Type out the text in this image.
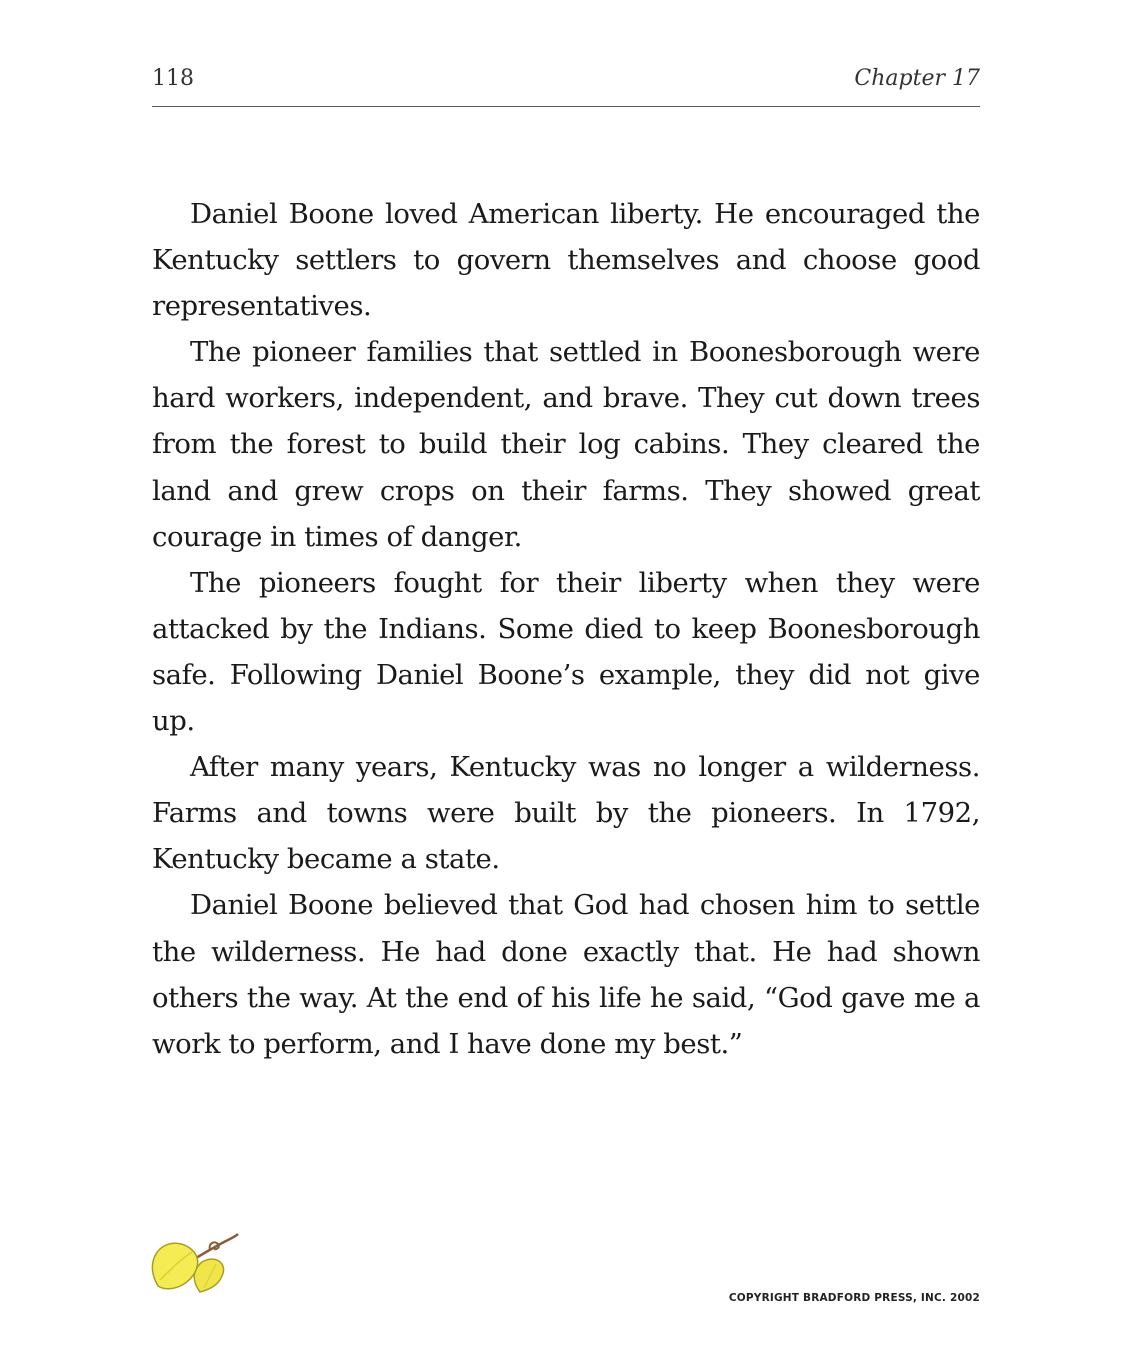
118	Chapter 17

Daniel Boone loved American liberty. He encouraged the Kentucky settlers to govern themselves and choose good representatives.

The pioneer families that settled in Boonesborough were hard workers, independent, and brave. They cut down trees from the forest to build their log cabins. They cleared the land and grew crops on their farms. They showed great courage in times of danger.

The pioneers fought for their liberty when they were attacked by the Indians. Some died to keep Boonesborough safe. Following Daniel Boone’s example, they did not give up.

After many years, Kentucky was no longer a wilderness. Farms and towns were built by the pioneers. In 1792, Kentucky became a state.

Daniel Boone believed that God had chosen him to settle the wilderness. He had done exactly that. He had shown others the way. At the end of his life he said, “God gave me a work to perform, and I have done my best.”

COPYRIGHT BRADFORD PRESS, INC. 2002
